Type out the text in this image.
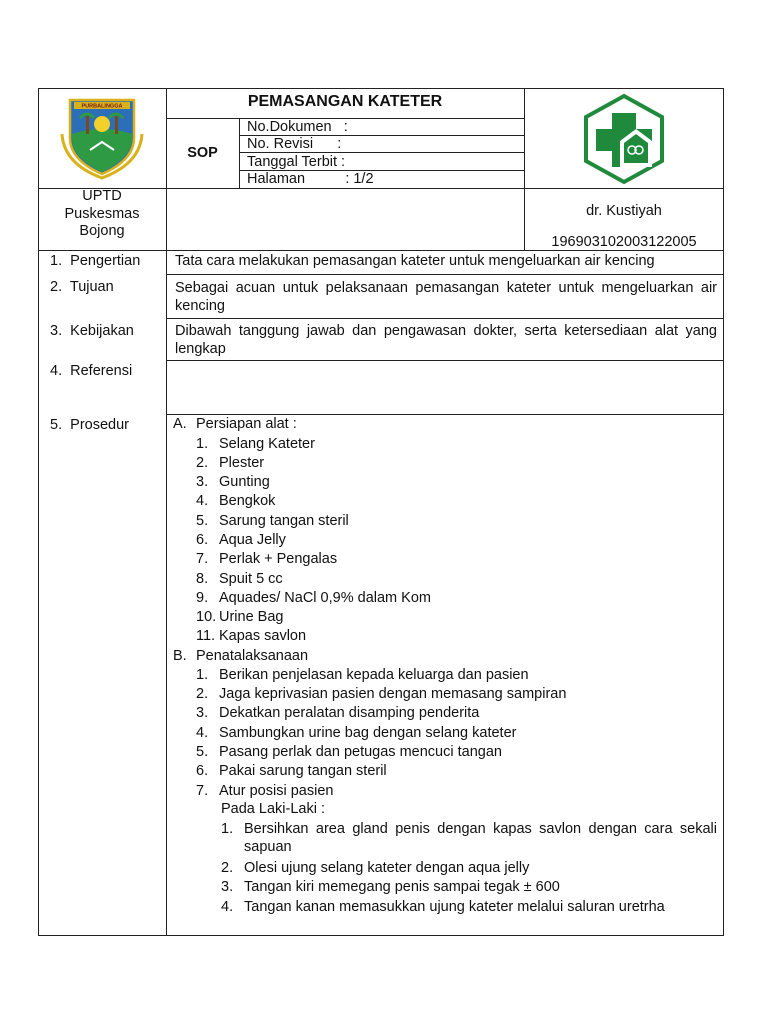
PURBALINGGA	PEMASANGAN KATETER
SOP
No.Dokumen   :
No. Revisi      :
Tanggal Terbit :
Halaman          : 1/2
UPTD
Puskesmas
Bojong
dr. Kustiyah
196903102003122005
1.  Pengertian
2.  Tujuan
3.  Kebijakan
4.  Referensi
5.  Prosedur
Tata cara melakukan pemasangan kateter untuk mengeluarkan air kencing
Sebagai acuan untuk pelaksanaan pemasangan kateter untuk mengeluarkan air kencing
Dibawah tanggung jawab dan pengawasan dokter, serta ketersediaan alat yang lengkap
A. Persiapan alat :
1. Selang Kateter
2. Plester
3. Gunting
4. Bengkok
5. Sarung tangan steril
6. Aqua Jelly
7. Perlak + Pengalas
8. Spuit 5 cc
9. Aquades/ NaCl 0,9% dalam Kom
10. Urine Bag
11. Kapas savlon
B. Penatalaksanaan
1. Berikan penjelasan kepada keluarga dan pasien
2. Jaga keprivasian pasien dengan memasang sampiran
3. Dekatkan peralatan disamping penderita
4. Sambungkan urine bag dengan selang kateter
5. Pasang perlak dan petugas mencuci tangan
6. Pakai sarung tangan steril
7. Atur posisi pasien
Pada Laki-Laki :
1. Bersihkan area gland penis dengan kapas savlon dengan cara sekali sapuan
2. Olesi ujung selang kateter dengan aqua jelly
3. Tangan kiri memegang penis sampai tegak ± 600
4. Tangan kanan memasukkan ujung kateter melalui saluran uretrha
